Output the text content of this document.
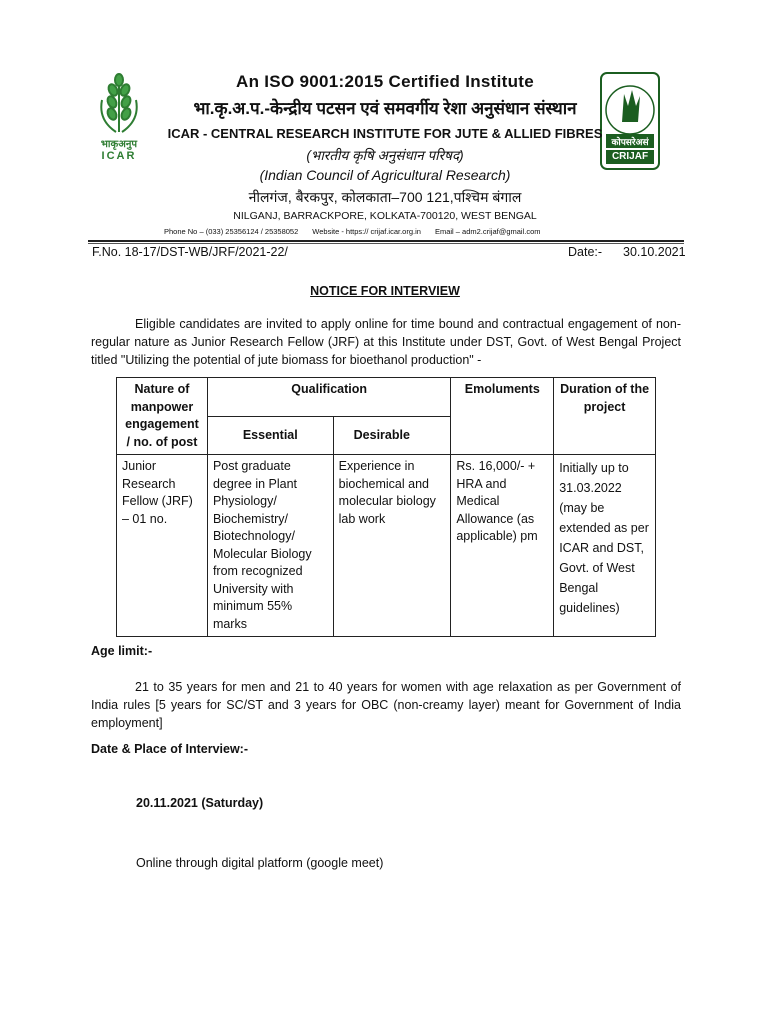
भाकृअनुप
ICAR
कोपसरेअसं
CRIJAF
An ISO 9001:2015 Certified Institute
भा.कृ.अ.प.-केन्द्रीय पटसन एवं समवर्गीय रेशा अनुसंधान संस्थान
ICAR - CENTRAL RESEARCH INSTITUTE FOR JUTE & ALLIED FIBRES
(भारतीय कृषि अनुसंधान परिषद)
(Indian Council of Agricultural Research)
नीलगंज, बैरकपुर, कोलकाता–700 121,पश्चिम बंगाल
NILGANJ, BARRACKPORE, KOLKATA-700120, WEST BENGAL
Phone No – (033) 25356124 / 25358052 Website - https:// crijaf.icar.org.in Email – adm2.crijaf@gmail.com
F.No. 18-17/DST-WB/JRF/2021-22/	Date:- 30.10.2021
NOTICE FOR INTERVIEW
Eligible candidates are invited to apply online for time bound and contractual engagement of non-regular nature as Junior Research Fellow (JRF) at this Institute under DST, Govt. of West Bengal Project titled "Utilizing the potential of jute biomass for bioethanol production" -
Nature of manpower engagement / no. of post	Qualification		Emoluments	Duration of the project
	Essential	Desirable		
Junior Research Fellow (JRF) – 01 no.	Post graduate degree in Plant Physiology/ Biochemistry/ Biotechnology/ Molecular Biology from recognized University with minimum 55% marks	Experience in biochemical and molecular biology lab work	Rs. 16,000/- + HRA and Medical Allowance (as applicable) pm	Initially up to 31.03.2022 (may be extended as per ICAR and DST, Govt. of West Bengal guidelines)
Age limit:-
21 to 35 years for men and 21 to 40 years for women with age relaxation as per Government of India rules [5 years for SC/ST and 3 years for OBC (non-creamy layer) meant for Government of India employment]
Date & Place of Interview:-
20.11.2021 (Saturday)
Online through digital platform (google meet)
